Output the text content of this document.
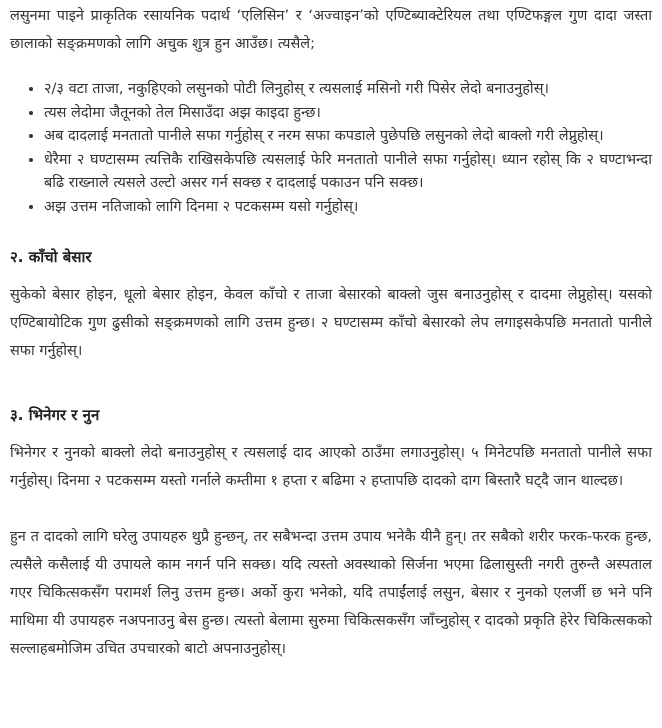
लसुनमा पाइने प्राकृतिक रसायनिक पदार्थ ‘एलिसिन’ र ‘अज्वाइन’को एण्टिब्याक्टेरियल तथा एण्टिफङ्गल गुण दादा जस्ता छालाको सङ्क्रमणको लागि अचुक शुत्र हुन आउँछ। त्यसैले;

• २/३ वटा ताजा, नकुहिएको लसुनको पोटी लिनुहोस् र त्यसलाई मसिनो गरी पिसेर लेदो बनाउनुहोस्।
• त्यस लेदोमा जैतूनको तेल मिसाउँदा अझ काइदा हुन्छ।
• अब दादलाई मनतातो पानीले सफा गर्नुहोस् र नरम सफा कपडाले पुछेपछि लसुनको लेदो बाक्लो गरी लेप्नुहोस्।
• धेरैमा २ घण्टासम्म त्यत्तिकै राखिसकेपछि त्यसलाई फेरि मनतातो पानीले सफा गर्नुहोस्। ध्यान रहोस् कि २ घण्टाभन्दा बढि राख्नाले त्यसले उल्टो असर गर्न सक्छ र दादलाई पकाउन पनि सक्छ।
• अझ उत्तम नतिजाको लागि दिनमा २ पटकसम्म यसो गर्नुहोस्।
२. काँचो बेसार

सुकेको बेसार होइन, धूलो बेसार होइन, केवल काँचो र ताजा बेसारको बाक्लो जुस बनाउनुहोस् र दादमा लेप्नुहोस्। यसको एण्टिबायोटिक गुण ढुसीको सङ्क्रमणको लागि उत्तम हुन्छ। २ घण्टासम्म काँचो बेसारको लेप लगाइसकेपछि मनतातो पानीले सफा गर्नुहोस्।

३. भिनेगर र नुन

भिनेगर र नुनको बाक्लो लेदो बनाउनुहोस् र त्यसलाई दाद आएको ठाउँमा लगाउनुहोस्। ५ मिनेटपछि मनतातो पानीले सफा गर्नुहोस्। दिनमा २ पटकसम्म यस्तो गर्नाले कम्तीमा १ हप्ता र बढिमा २ हप्तापछि दादको दाग बिस्तारै घट्दै जान थाल्दछ।

हुन त दादको लागि घरेलु उपायहरु थुप्रै हुन्छन्, तर सबैभन्दा उत्तम उपाय भनेकै यीनै हुन्। तर सबैको शरीर फरक-फरक हुन्छ, त्यसैले कसैलाई यी उपायले काम नगर्न पनि सक्छ। यदि त्यस्तो अवस्थाको सिर्जना भएमा ढिलासुस्ती नगरी तुरुन्तै अस्पताल गएर चिकित्सकसँग परामर्श लिनु उत्तम हुन्छ। अर्को कुरा भनेको, यदि तपाईंलाई लसुन, बेसार र नुनको एलर्जी छ भने पनि माथिमा यी उपायहरु नअपनाउनु बेस हुन्छ। त्यस्तो बेलामा सुरुमा चिकित्सकसँग जाँच्नुहोस् र दादको प्रकृति हेरेर चिकित्सकको सल्लाहबमोजिम उचित उपचारको बाटो अपनाउनुहोस्।
